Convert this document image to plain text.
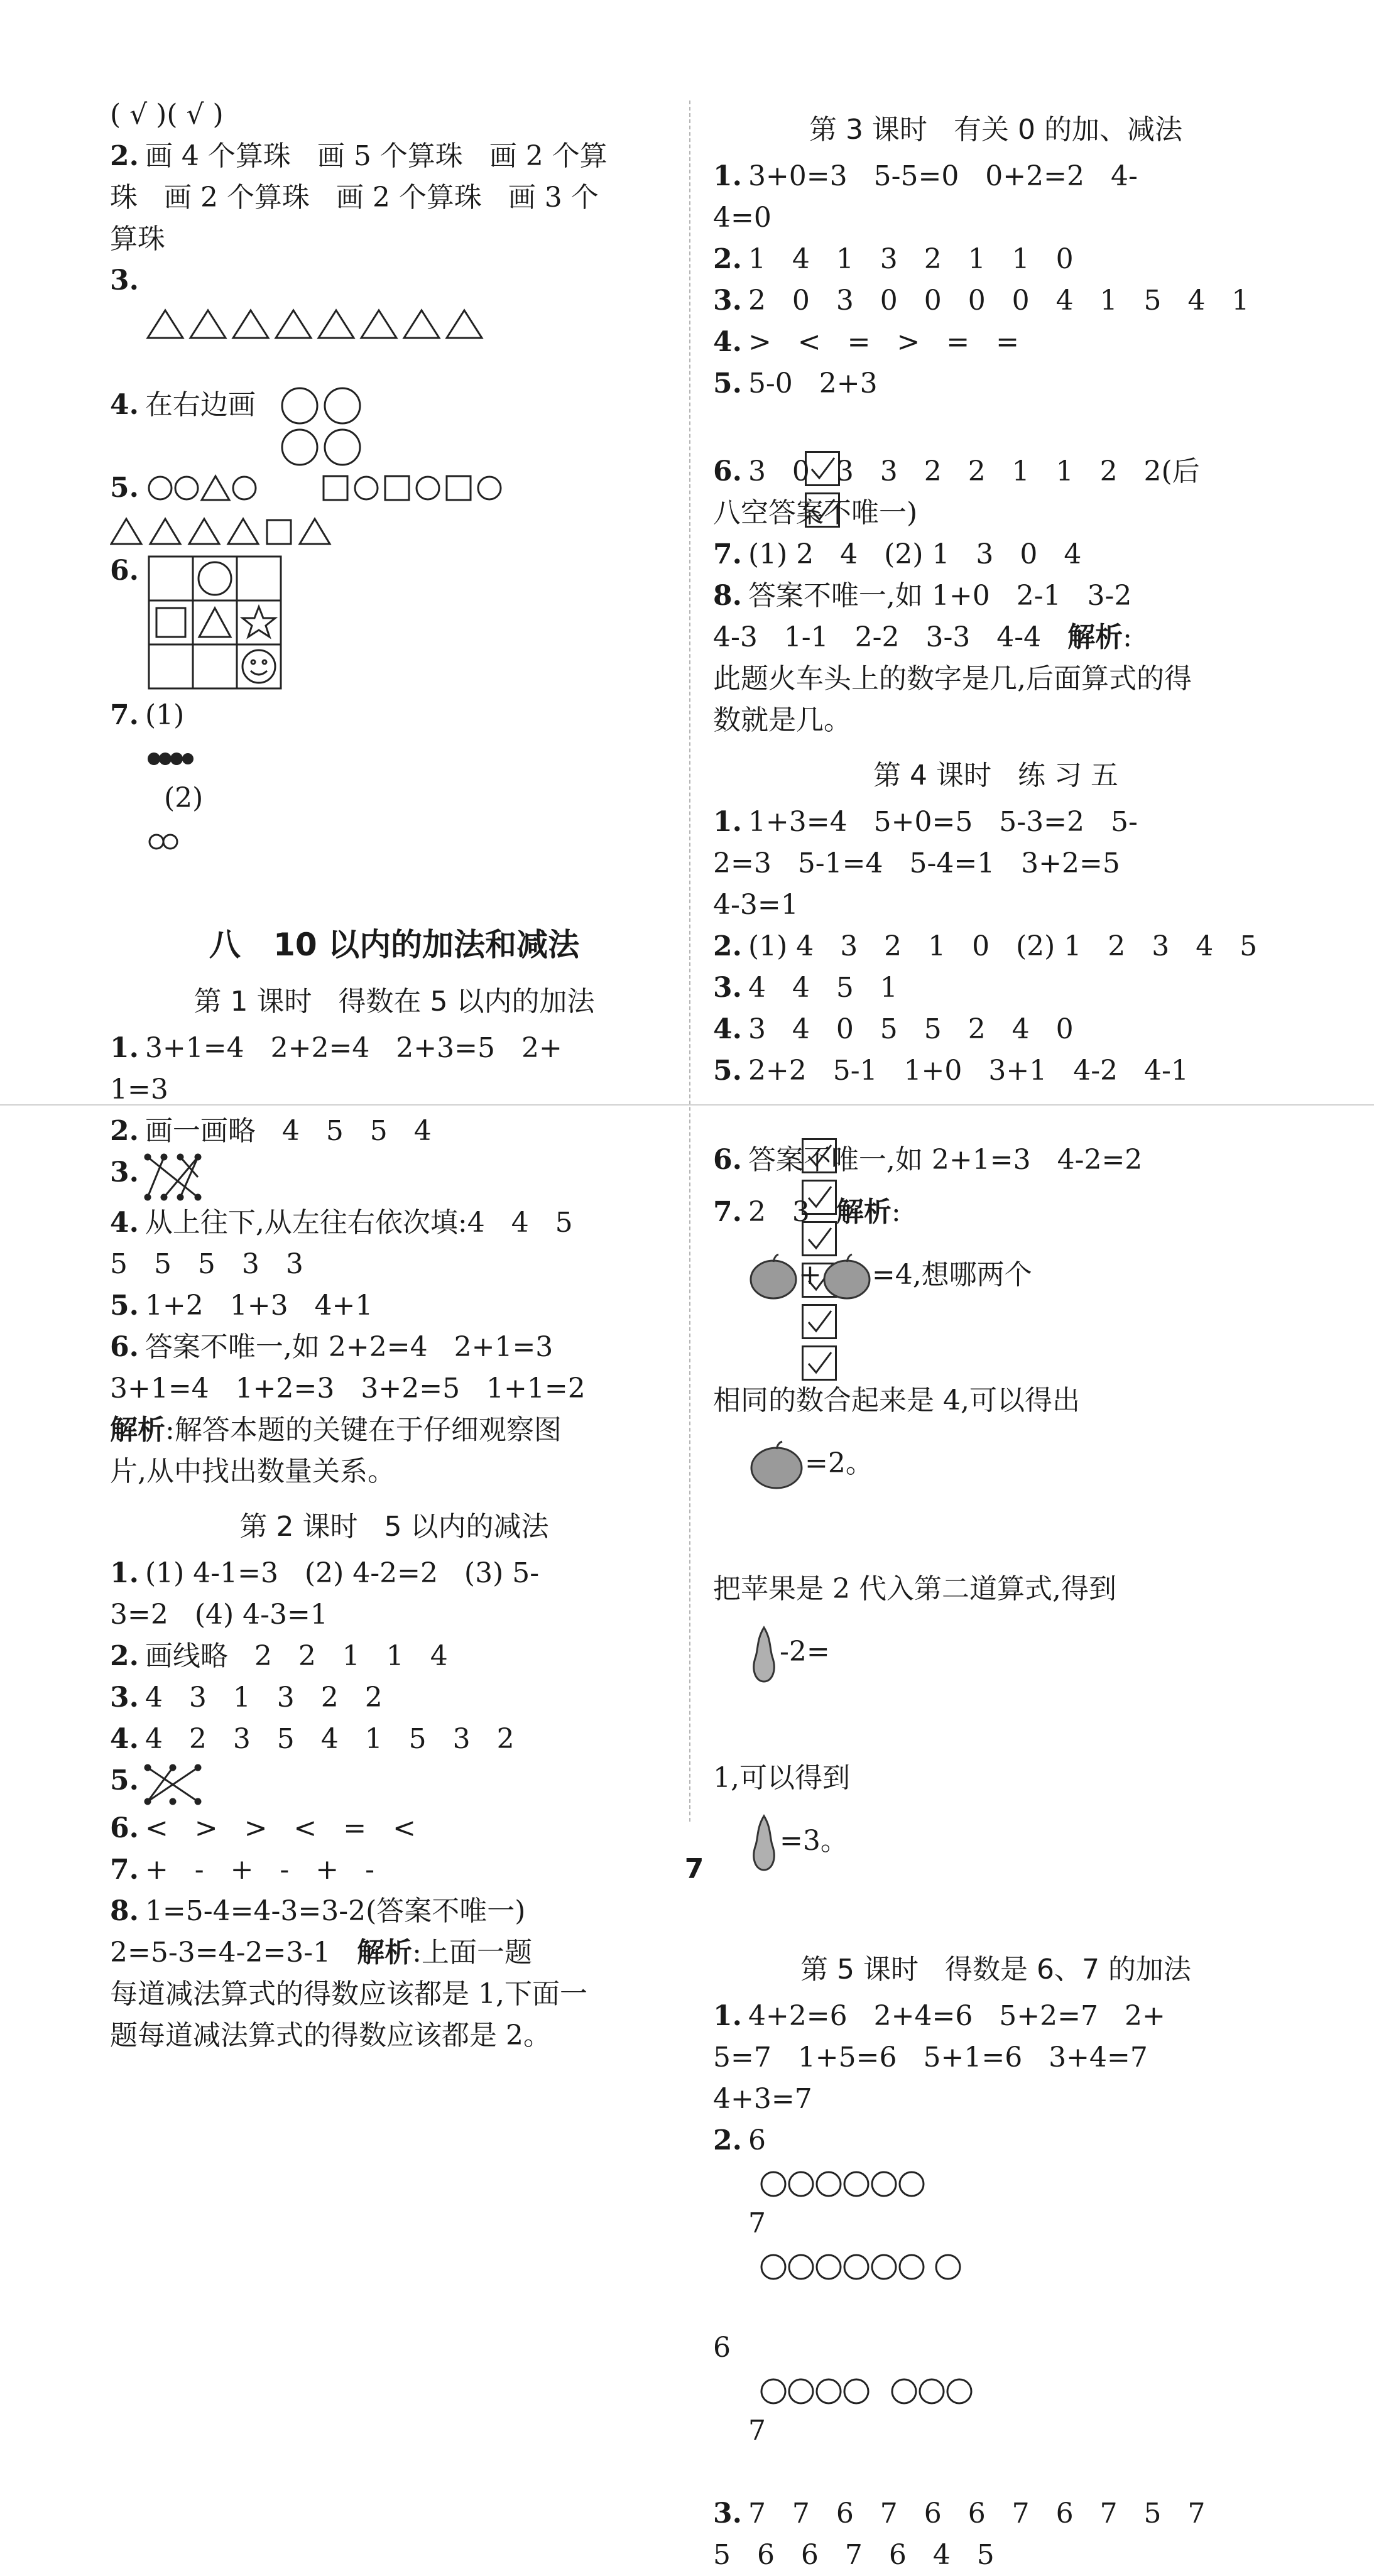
( √ )( √ )
2. 画 4 个算珠   画 5 个算珠   画 2 个算
珠   画 2 个算珠   画 2 个算珠   画 3 个
算珠
3.

4. 在右边画

5.

6.

7. (1)

(2)

八   10 以内的加法和减法
第 1 课时   得数在 5 以内的加法
1. 3+1=4   2+2=4   2+3=5   2+
1=3
2. 画一画略   4   5   5   4
3.

4. 从上往下,从左往右依次填:4   4   5
5   5   5   3   3
5. 1+2   1+3   4+1
6. 答案不唯一,如 2+2=4   2+1=3
3+1=4   1+2=3   3+2=5   1+1=2
解析:解答本题的关键在于仔细观察图
片,从中找出数量关系。
第 2 课时   5 以内的减法
1. (1) 4-1=3   (2) 4-2=2   (3) 5-
3=2   (4) 4-3=1
2. 画线略   2   2   1   1   4
3. 4   3   1   3   2   2
4. 4   2   3   5   4   1   5   3   2
5.

6. <   >   >   <   =   <
7. +   -   +   -   +   -
8. 1=5-4=4-3=3-2(答案不唯一)
2=5-3=4-2=3-1   解析:上面一题
每道减法算式的得数应该都是 1,下面一
题每道减法算式的得数应该都是 2。
第 3 课时   有关 0 的加、减法
1. 3+0=3   5-5=0   0+2=2   4-
4=0
2. 1   4   1   3   2   1   1   0
3. 2   0   3   0   0   0   0   4   1   5   4   1
4. >   <   =   >   =   =
5. 5-0   2+3

6. 3   0   3   3   2   2   1   1   2   2(后
八空答案不唯一)
7. (1) 2   4   (2) 1   3   0   4
8. 答案不唯一,如 1+0   2-1   3-2
4-3   1-1   2-2   3-3   4-4   解析:
此题火车头上的数字是几,后面算式的得
数就是几。
第 4 课时   练 习 五
1. 1+3=4   5+0=5   5-3=2   5-
2=3   5-1=4   5-4=1   3+2=5
4-3=1
2. (1) 4   3   2   1   0   (2) 1   2   3   4   5
3. 4   4   5   1
4. 3   4   0   5   5   2   4   0
5. 2+2   5-1   1+0   3+1   4-2   4-1

6. 答案不唯一,如 2+1=3   4-2=2
7. 2   3   解析:
+ =4,想哪两个

相同的数合起来是 4,可以得出
=2。

把苹果是 2 代入第二道算式,得到
-2=

1,可以得到
=3。

第 5 课时   得数是 6、7 的加法
1. 4+2=6   2+4=6   5+2=7   2+
5=7   1+5=6   5+1=6   3+4=7
4+3=7
2. 6

7

6

7

3. 7   7   6   7   6   6   7   6   7   5   7
5   6   6   7   6   4   5
7
